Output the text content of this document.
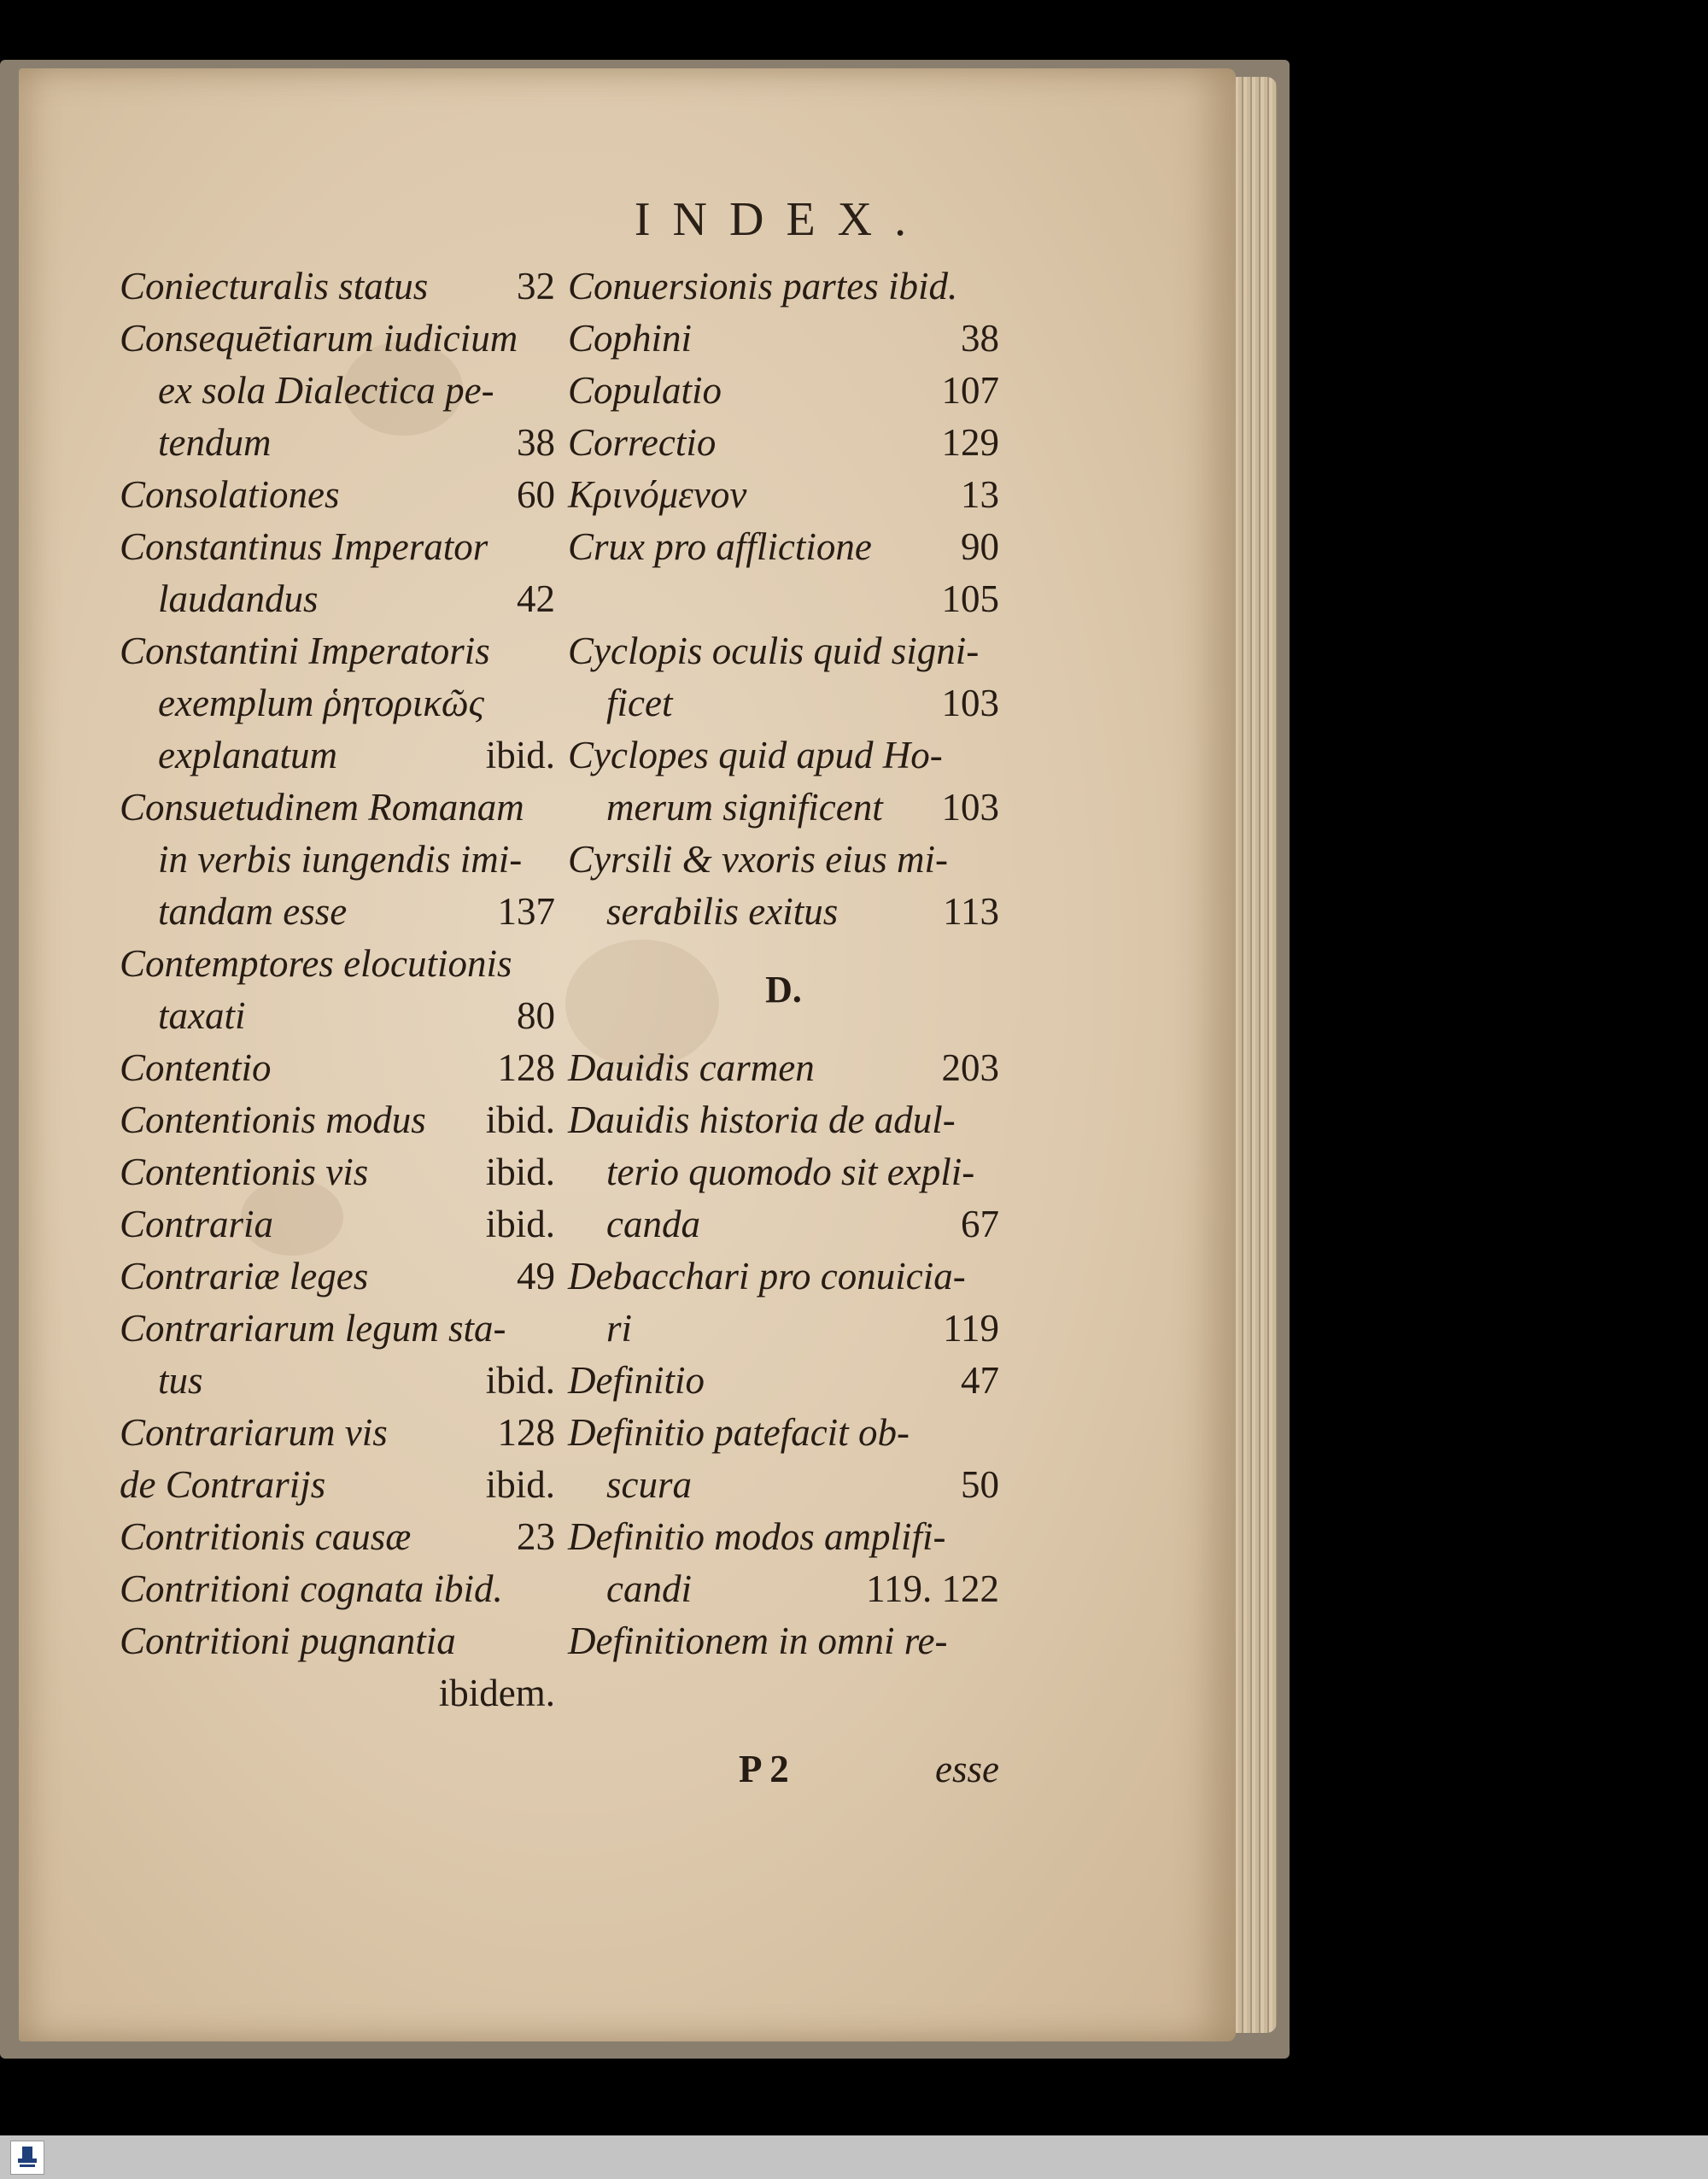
INDEX.
Coniecturalis status 32
Consequētiarum iudicium
ex sola Dialectica pe-
tendum	38
Consolationes	60
Constantinus Imperator
laudandus	42
Constantini Imperatoris
exemplum ῥητορικῶς
explanatum	ibid.
Consuetudinem Romanam
in verbis iungendis imi-
tandam esse	137
Contemptores elocutionis
taxati	80
Contentio	128
Contentionis modus ibid.
Contentionis vis	ibid.
Contraria	ibid.
Contrariæ leges	49
Contrariarum legum sta-
tus	ibid.
Contrariarum vis	128
de Contrarijs	ibid.
Contritionis causæ	23
Contritioni cognata ibid.
Contritioni pugnantia
ibidem.
Conuersionis partes ibid.
Cophini	38
Copulatio	107
Correctio	129
Κρινόμενον	13
Crux pro afflictione 90
105
Cyclopis oculis quid signi-
ficet	103
Cyclopes quid apud Ho-
merum significent 103
Cyrsili & vxoris eius mi-
serabilis exitus	113
D.
Dauidis carmen	203
Dauidis historia de adul-
terio quomodo sit expli-
canda	67
Debacchari pro conuicia-
ri	119
Definitio	47
Definitio patefacit ob-
scura	50
Definitio modos amplifi-
candi	119. 122
Definitionem in omni re-
P 2	esse
